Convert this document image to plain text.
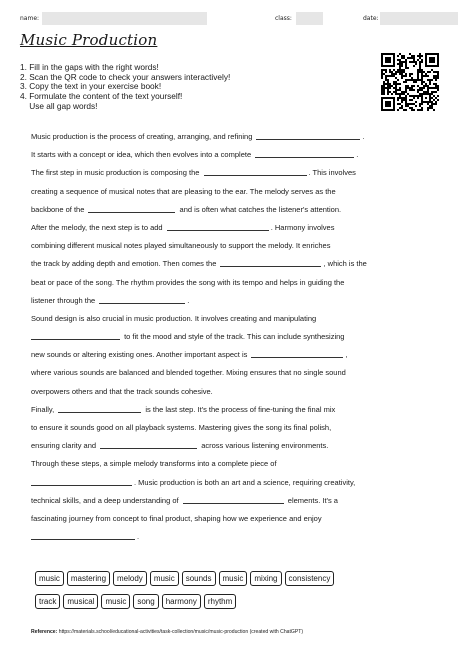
name:	class:	date:
Music Production
1. Fill in the gaps with the right words!
2. Scan the QR code to check your answers interactively!
3. Copy the text in your exercise book!
4. Formulate the content of the text yourself!
Use all gap words!
Music production is the process of creating, arranging, and refining	.
It starts with a concept or idea, which then evolves into a complete	.
The first step in music production is composing the	. This involves
creating a sequence of musical notes that are pleasing to the ear. The melody serves as the
backbone of the	and is often what catches the listener's attention.
After the melody, the next step is to add	. Harmony involves
combining different musical notes played simultaneously to support the melody. It enriches
the track by adding depth and emotion. Then comes the	, which is the
beat or pace of the song. The rhythm provides the song with its tempo and helps in guiding the
listener through the	.
Sound design is also crucial in music production. It involves creating and manipulating
to fit the mood and style of the track. This can include synthesizing
new sounds or altering existing ones. Another important aspect is	,
where various sounds are balanced and blended together. Mixing ensures that no single sound
overpowers others and that the track sounds cohesive.
Finally,	is the last step. It's the process of fine-tuning the final mix
to ensure it sounds good on all playback systems. Mastering gives the song its final polish,
ensuring clarity and	across various listening environments.
Through these steps, a simple melody transforms into a complete piece of
. Music production is both an art and a science, requiring creativity,
technical skills, and a deep understanding of	elements. It's a
fascinating journey from concept to final product, shaping how we experience and enjoy
.
music mastering melody music sounds music mixing consistency
track musical music song harmony rhythm
Reference: https://materials.school/educational-activities/task-collection/music/music-production (created with ChatGPT)
